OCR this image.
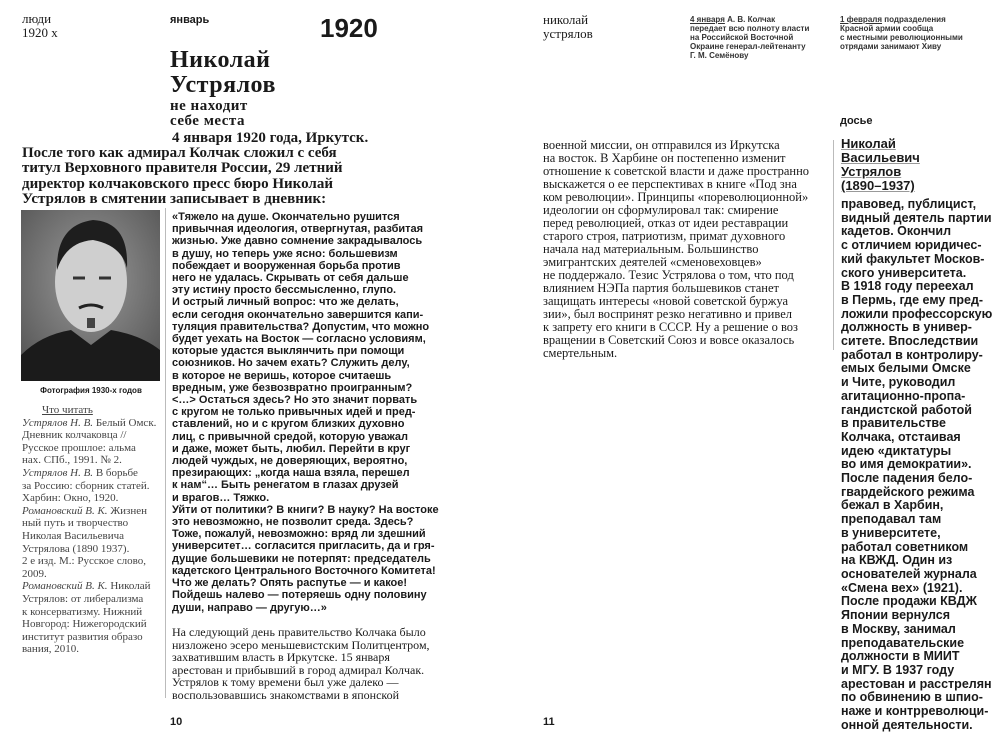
люди
1920 х
январь	1920
Николай
Устрялов
не находит
себе места
4 января 1920 года, Иркутск.
После того как адмирал Колчак сложил с себя
титул Верховного правителя России, 29 летний
директор колчаковского пресс бюро Николай
Устрялов в смятении записывает в дневник:
Фотография 1930-х годов
Что читать
Устрялов Н. В. Белый Омск.
Дневник колчаковца //
Русское прошлое: альма
нах. СПб., 1991. № 2.
Устрялов Н. В. В борьбе
за Россию: сборник статей.
Харбин: Окно, 1920.
Романовский В. К. Жизнен
ный путь и творчество
Николая Васильевича
Устрялова (1890 1937).
2 е изд. М.: Русское слово,
2009.
Романовский В. К. Николай
Устрялов: от либерализма
к консерватизму. Нижний
Новгород: Нижегородский
институт развития образо
вания, 2010.
«Тяжело на душе. Окончательно рушится
привычная идеология, отвергнутая, разбитая
жизнью. Уже давно сомнение закрадывалось
в душу, но теперь уже ясно: большевизм
побеждает и вооруженная борьба против
него не удалась. Скрывать от себя дальше
эту истину просто бессмысленно, глупо.
И острый личный вопрос: что же делать,
если сегодня окончательно завершится капи-
туляция правительства? Допустим, что можно
будет уехать на Восток — согласно условиям,
которые удастся выклянчить при помощи
союзников. Но зачем ехать? Служить делу,
в которое не веришь, которое считаешь
вредным, уже безвозвратно проигранным?
<…> Остаться здесь? Но это значит порвать
с кругом не только привычных идей и пред-
ставлений, но и с кругом близких духовно
лиц, с привычной средой, которую уважал
и даже, может быть, любил. Перейти в круг
людей чуждых, не доверяющих, вероятно,
презирающих: „когда наша взяла, перешел
к нам“… Быть ренегатом в глазах друзей
и врагов… Тяжко.
Уйти от политики? В книги? В науку? На востоке
это невозможно, не позволит среда. Здесь?
Тоже, пожалуй, невозможно: вряд ли здешний
университет… согласится пригласить, да и гря-
дущие большевики не потерпят: председатель
кадетского Центрального Восточного Комитета!
Что же делать? Опять распутье — и какое!
Пойдешь налево — потеряешь одну половину
души, направо — другую…»
На следующий день правительство Колчака было
низложено эсеро меньшевистским Политцентром,
захватившим власть в Иркутске. 15 января
арестован и прибывший в город адмирал Колчак.
Устрялов к тому времени был уже далеко —
воспользовавшись знакомствами в японской
10
николай
устрялов
4 января А. В. Колчак
передает всю полноту власти
на Российской Восточной
Окраине генерал-лейтенанту
Г. М. Семёнову
1 февраля подразделения
Красной армии сообща
с местными революционными
отрядами занимают Хиву
досье
военной миссии, он отправился из Иркутска
на восток. В Харбине он постепенно изменит
отношение к советской власти и даже пространно
выскажется о ее перспективах в книге «Под зна
ком революции». Принципы «пореволюционной»
идеологии он сформулировал так: смирение
перед революцией, отказ от идеи реставрации
старого строя, патриотизм, примат духовного
начала над материальным. Большинство
эмигрантских деятелей «сменовеховцев»
не поддержало. Тезис Устрялова о том, что под
влиянием НЭПа партия большевиков станет
защищать интересы «новой советской буржуа
зии», был воспринят резко негативно и привел
к запрету его книги в СССР. Ну а решение о воз
вращении в Советский Союз и вовсе оказалось
смертельным.
Николай
Васильевич
Устрялов
(1890–1937)
правовед, публицист,
видный деятель партии
кадетов. Окончил
с отличием юридичес-
кий факультет Москов-
ского университета.
В 1918 году переехал
в Пермь, где ему пред-
ложили профессорскую
должность в универ-
ситете. Впоследствии
работал в контролиру-
емых белыми Омске
и Чите, руководил
агитационно-пропа-
гандистской работой
в правительстве
Колчака, отстаивая
идею «диктатуры
во имя демократии».
После падения бело-
гвардейского режима
бежал в Харбин,
преподавал там
в университете,
работал советником
на КВЖД. Один из
основателей журнала
«Смена вех» (1921).
После продажи КВДЖ
Японии вернулся
в Москву, занимал
преподавательские
должности в МИИТ
и МГУ. В 1937 году
арестован и расстрелян
по обвинению в шпио-
наже и контрреволюци-
онной деятельности.
11
